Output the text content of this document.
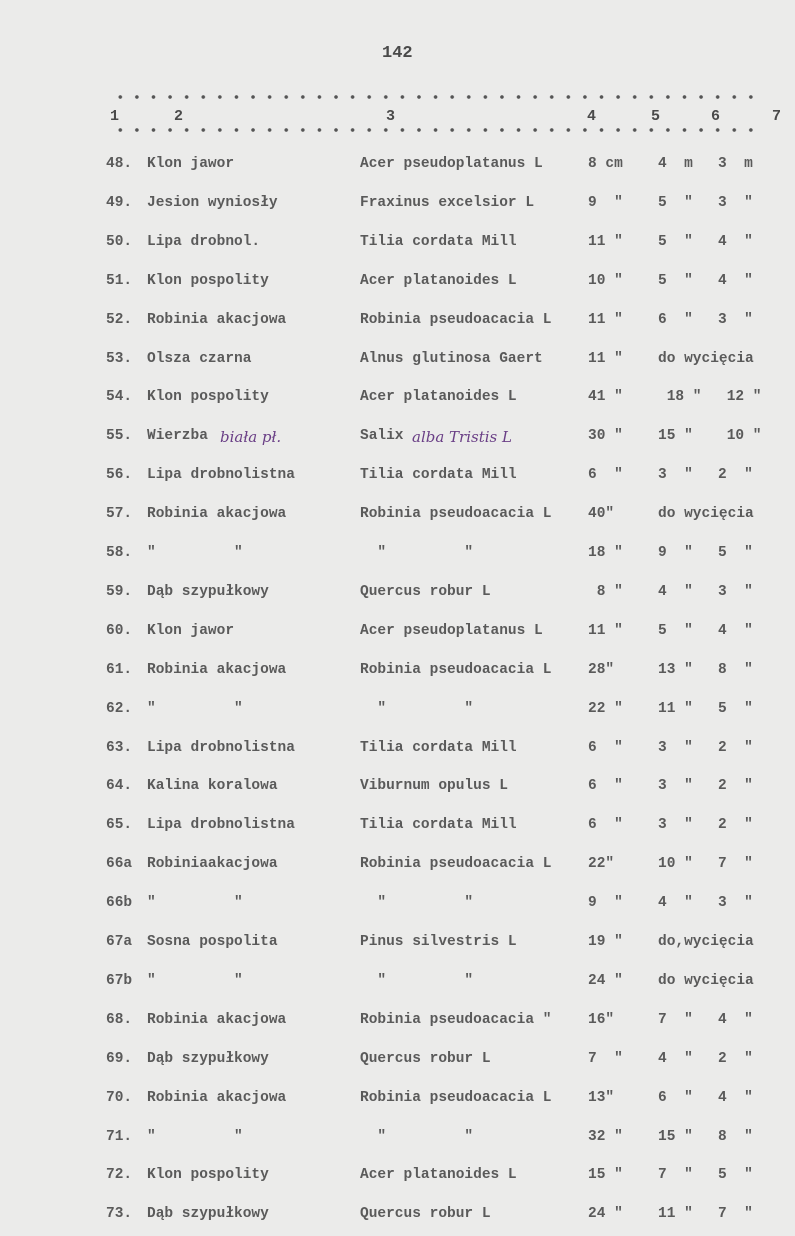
142
1	2	3	4	5	6	7
48. Klon jawor	Acer pseudoplatanus L	8 cm 4  m 3  m
49. Jesion wyniosły	Fraxinus excelsior L	9  " 5  " 3  "
50. Lipa drobnol.	Tilia cordata Mill	11 " 5  " 4  "
51. Klon pospolity	Acer platanoides L	10 " 5  " 4  "
52. Robinia akacjowa	Robinia pseudoacacia L	11 " 6  " 3  "
53. Olsza czarna	Alnus glutinosa Gaert	11 " do wycięcia
54. Klon pospolity	Acer platanoides L	41 " 18 " 12 "
55. Wierzba biała pł.	Salix alba Tristis L	30 " 15 " 10 "
56. Lipa drobnolistna	Tilia cordata Mill	6  " 3  " 2  "
57. Robinia akacjowa	Robinia pseudoacacia L	40"	do wycięcia
58. "         "	"         "	18 " 9  " 5  "
59. Dąb szypułkowy	Quercus robur L	8 " 4  " 3  "
60. Klon jawor	Acer pseudoplatanus L	11 " 5  " 4  "
61. Robinia akacjowa	Robinia pseudoacacia L	28"	13 " 8  "
62. "         "	"         "	22 " 11 " 5  "
63. Lipa drobnolistna	Tilia cordata Mill	6  " 3  " 2  "
64. Kalina koralowa	Viburnum opulus L	6  " 3  " 2  "
65. Lipa drobnolistna	Tilia cordata Mill	6  " 3  " 2  "
66a Robiniaakacjowa	Robinia pseudoacacia L	22"	10 " 7  "
66b "         "	"         "	9  " 4  " 3  "
67a Sosna pospolita	Pinus silvestris L	19 " do,wycięcia
67b "         "	"         "	24 " do wycięcia
68. Robinia akacjowa	Robinia pseudoacacia "	16"	7  " 4  "
69. Dąb szypułkowy	Quercus robur L	7  " 4  " 2  "
70. Robinia akacjowa	Robinia pseudoacacia L	13"	6  " 4  "
71. "         "	"         "	32 " 15 " 8  "
72. Klon pospolity	Acer platanoides L	15 " 7  " 5  "
73. Dąb szypułkowy	Quercus robur L	24 " 11 " 7  "
